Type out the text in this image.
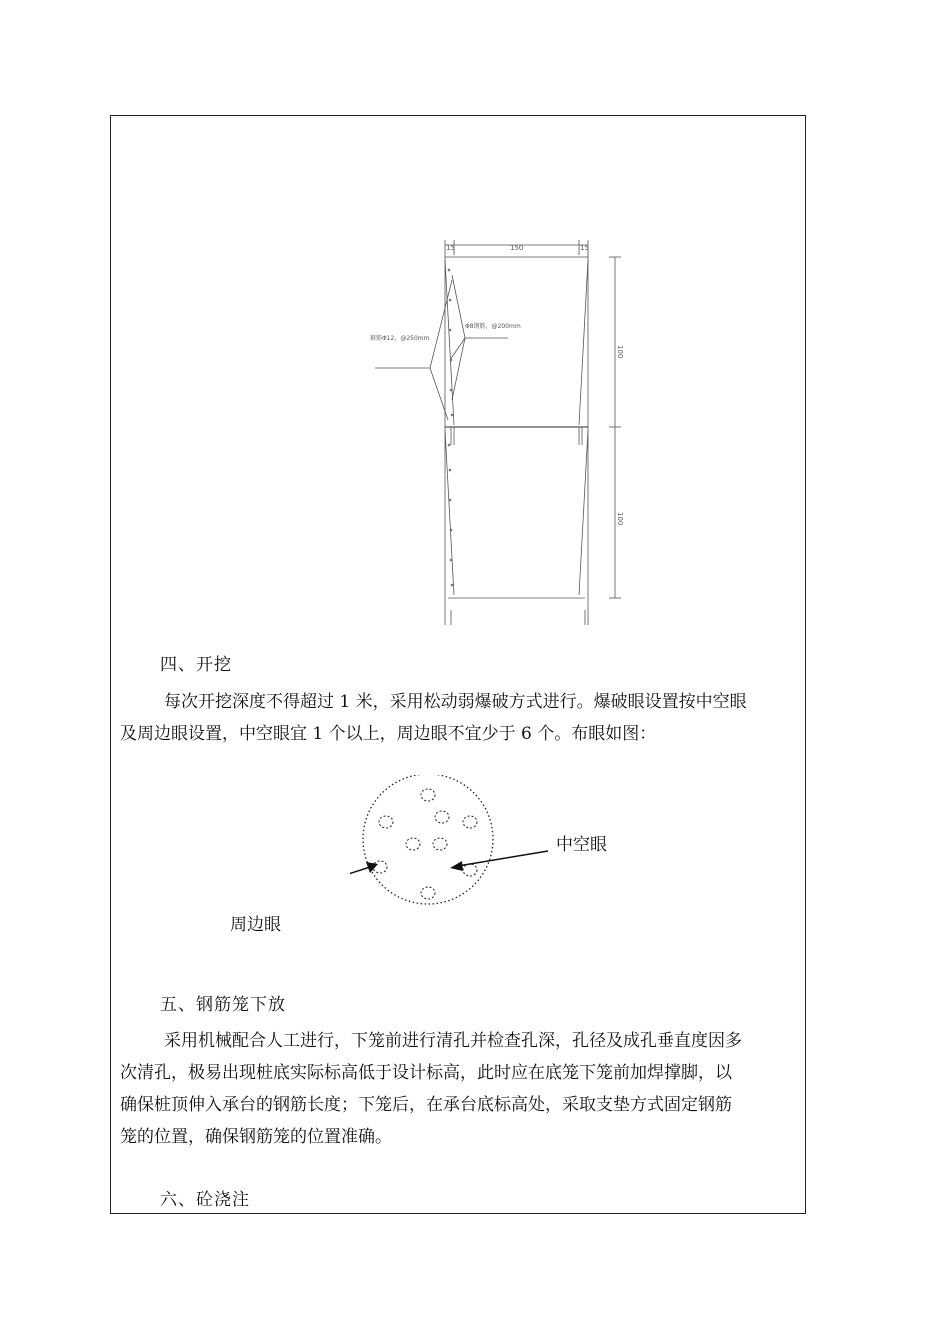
15	150	15
100
100
箍筋Φ12，@250mm
Φ8钢筋，@200mm
四、开挖
每次开挖深度不得超过 1 米，采用松动弱爆破方式进行。爆破眼设置按中空眼
及周边眼设置，中空眼宜 1 个以上，周边眼不宜少于 6 个。布眼如图：
中空眼
周边眼
五、钢筋笼下放
采用机械配合人工进行，下笼前进行清孔并检查孔深，孔径及成孔垂直度因多
次清孔，极易出现桩底实际标高低于设计标高，此时应在底笼下笼前加焊撑脚，以
确保桩顶伸入承台的钢筋长度；下笼后，在承台底标高处，采取支垫方式固定钢筋
笼的位置，确保钢筋笼的位置准确。
六、砼浇注
